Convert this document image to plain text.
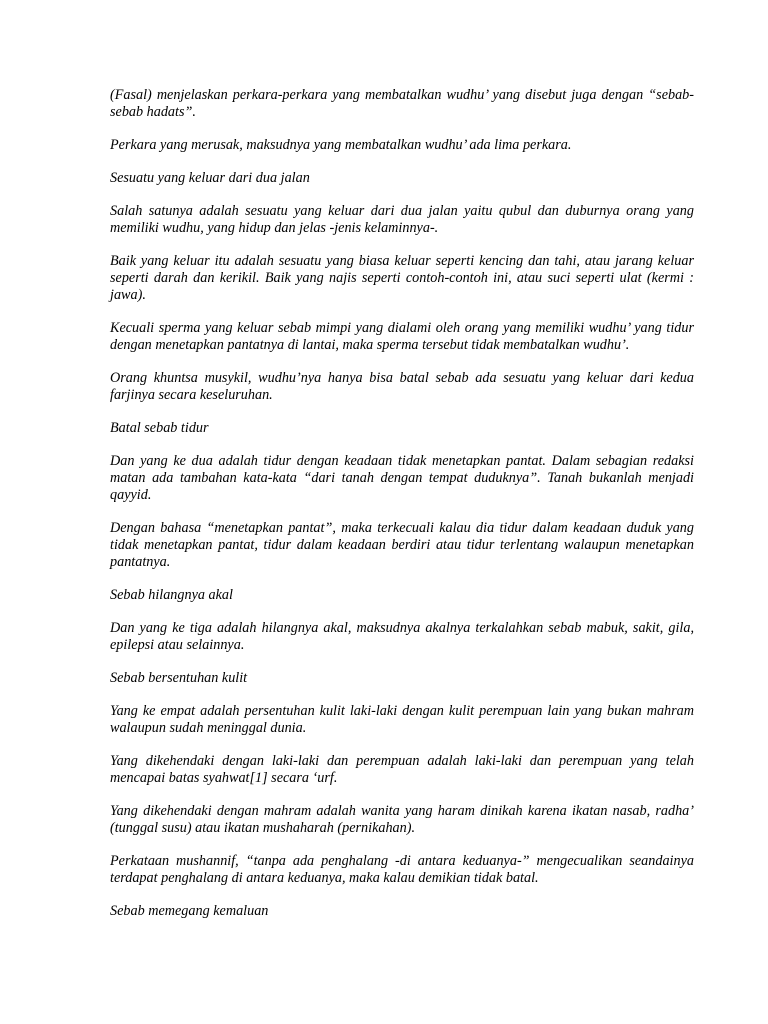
(Fasal) menjelaskan perkara-perkara yang membatalkan wudhu’ yang disebut juga dengan “sebab-sebab hadats”.

Perkara yang merusak, maksudnya yang membatalkan wudhu’ ada lima perkara.

Sesuatu yang keluar dari dua jalan

Salah satunya adalah sesuatu yang keluar dari dua jalan yaitu qubul dan duburnya orang yang memiliki wudhu, yang hidup dan jelas -jenis kelaminnya-.

Baik yang keluar itu adalah sesuatu yang biasa keluar seperti kencing dan tahi, atau jarang keluar seperti darah dan kerikil. Baik yang najis seperti contoh-contoh ini, atau suci seperti ulat (kermi : jawa).

Kecuali sperma yang keluar sebab mimpi yang dialami oleh orang yang memiliki wudhu’ yang tidur dengan menetapkan pantatnya di lantai, maka sperma tersebut tidak membatalkan wudhu’.

Orang khuntsa musykil, wudhu’nya hanya bisa batal sebab ada sesuatu yang keluar dari kedua farjinya secara keseluruhan.

Batal sebab tidur

Dan yang ke dua adalah tidur dengan keadaan tidak menetapkan pantat. Dalam sebagian redaksi matan ada tambahan kata-kata “dari tanah dengan tempat duduknya”. Tanah bukanlah menjadi qayyid.

Dengan bahasa “menetapkan pantat”, maka terkecuali kalau dia tidur dalam keadaan duduk yang tidak menetapkan pantat, tidur dalam keadaan berdiri atau tidur terlentang walaupun menetapkan pantatnya.

Sebab hilangnya akal

Dan yang ke tiga adalah hilangnya akal, maksudnya akalnya terkalahkan sebab mabuk, sakit, gila, epilepsi atau selainnya.

Sebab bersentuhan kulit

Yang ke empat adalah persentuhan kulit laki-laki dengan kulit perempuan lain yang bukan mahram walaupun sudah meninggal dunia.

Yang dikehendaki dengan laki-laki dan perempuan adalah laki-laki dan perempuan yang telah mencapai batas syahwat[1] secara ‘urf.

Yang dikehendaki dengan mahram adalah wanita yang haram dinikah karena ikatan nasab, radha’ (tunggal susu) atau ikatan mushaharah (pernikahan).

Perkataan mushannif, “tanpa ada penghalang -di antara keduanya-” mengecualikan seandainya terdapat penghalang di antara keduanya, maka kalau demikian tidak batal.

Sebab memegang kemaluan
